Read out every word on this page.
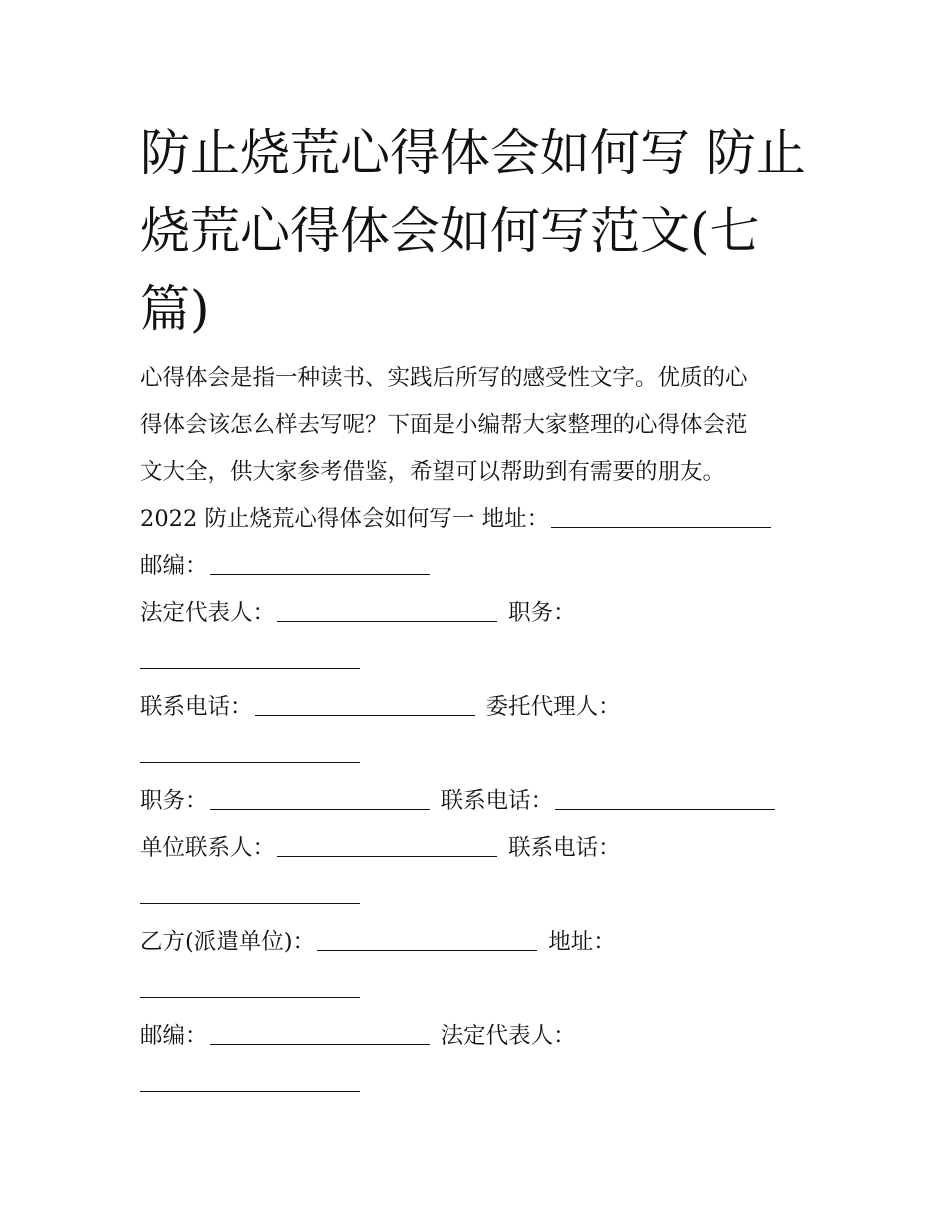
防止烧荒心得体会如何写 防止
烧荒心得体会如何写范文(七
篇)
心得体会是指一种读书、实践后所写的感受性文字。优质的心
得体会该怎么样去写呢？下面是小编帮大家整理的心得体会范
文大全，供大家参考借鉴，希望可以帮助到有需要的朋友。
2022 防止烧荒心得体会如何写一 地址：
邮编：
法定代表人：	职务：
联系电话：	委托代理人：
职务：	联系电话：
单位联系人：	联系电话：
乙方(派遣单位)：	地址：
邮编：	法定代表人：
